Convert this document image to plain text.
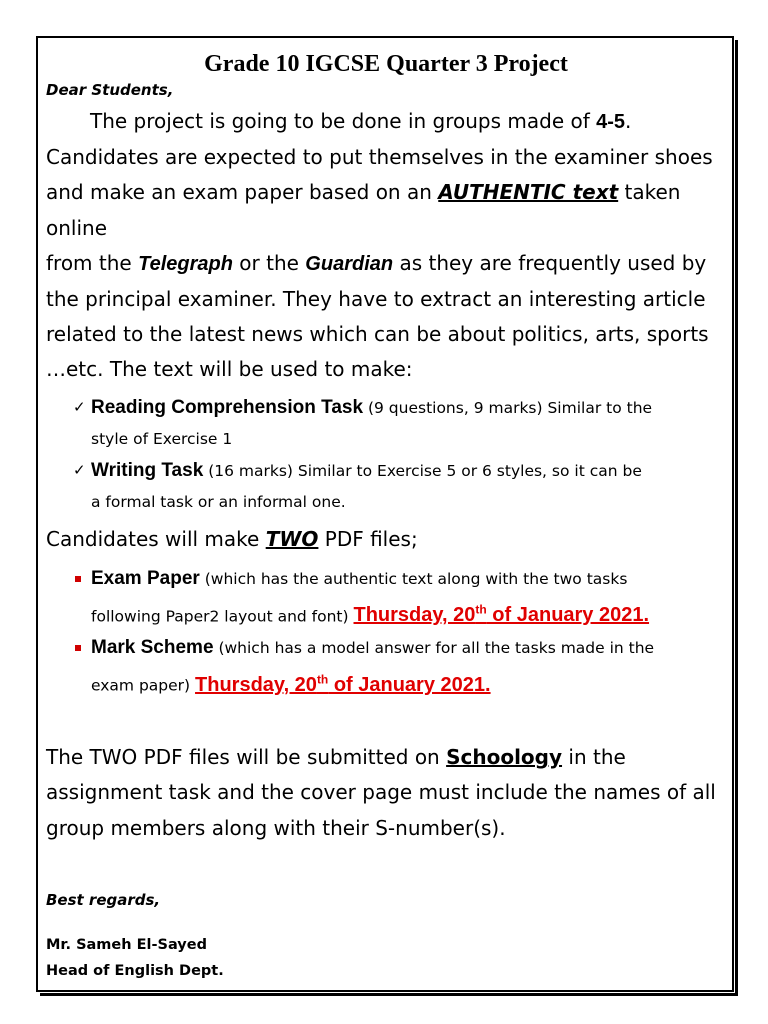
Grade 10 IGCSE Quarter 3 Project
Dear Students,

The project is going to be done in groups made of 4-5.
Candidates are expected to put themselves in the examiner shoes
and make an exam paper based on an AUTHENTIC text taken online
from the Telegraph or the Guardian as they are frequently used by
the principal examiner. They have to extract an interesting article
related to the latest news which can be about politics, arts, sports
…etc. The text will be used to make:

✓ Reading Comprehension Task (9 questions, 9 marks) Similar to the
style of Exercise 1
✓ Writing Task (16 marks) Similar to Exercise 5 or 6 styles, so it can be
a formal task or an informal one.

Candidates will make TWO PDF files;

Exam Paper (which has the authentic text along with the two tasks
following Paper2 layout and font) Thursday, 20th of January 2021.
Mark Scheme (which has a model answer for all the tasks made in the
exam paper) Thursday, 20th of January 2021.

The TWO PDF files will be submitted on Schoology in the
assignment task and the cover page must include the names of all
group members along with their S-number(s).

Best regards,
Mr. Sameh El-Sayed
Head of English Dept.
